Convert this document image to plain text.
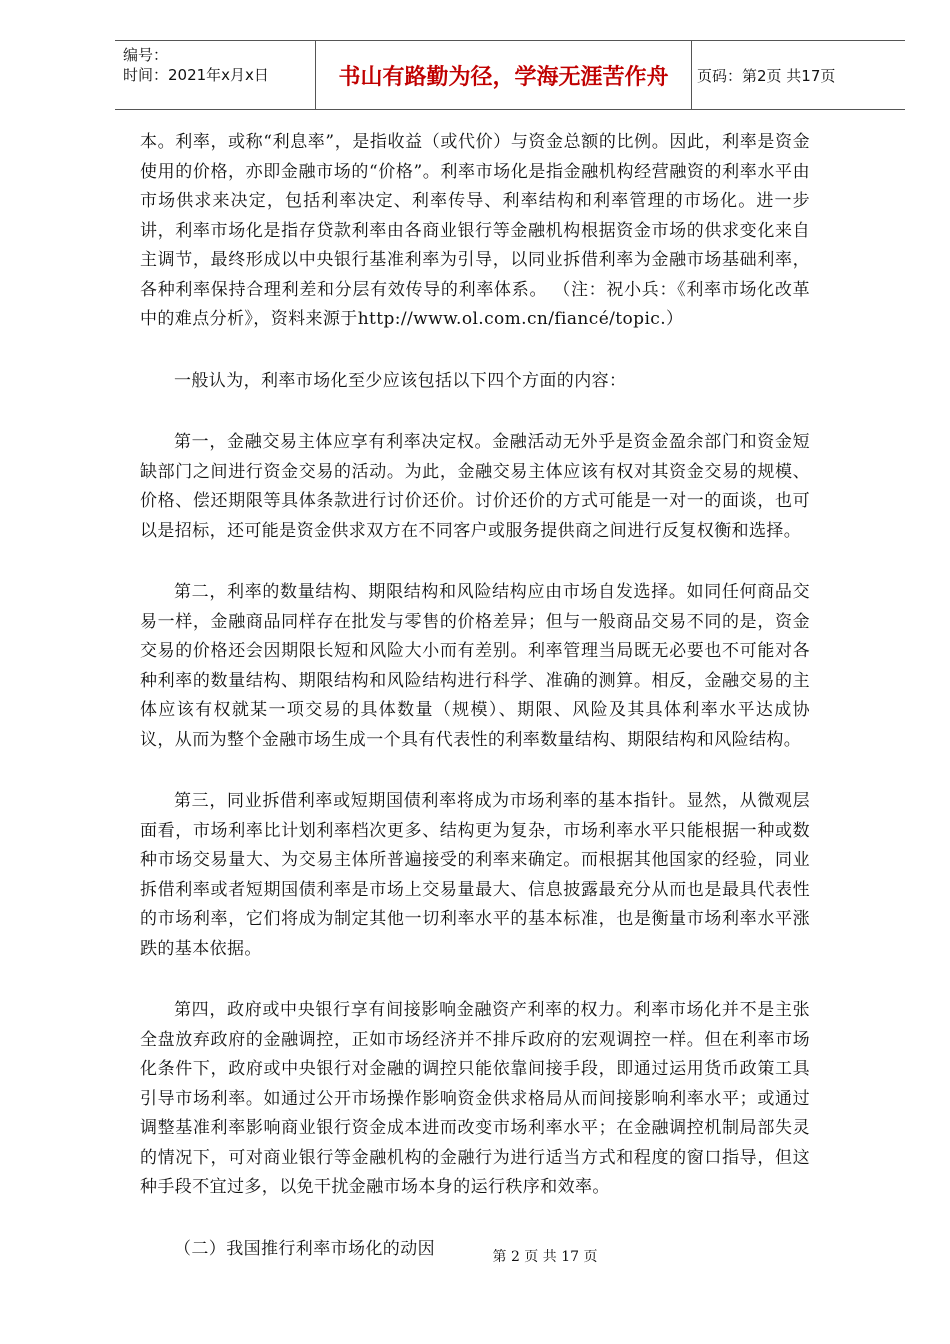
编号：
时间：2021年x月x日	书山有路勤为径，学海无涯苦作舟	页码：第2页 共17页

本。利率，或称“利息率”，是指收益（或代价）与资金总额的比例。因此，利率是资金使用的价格，亦即金融市场的“价格”。利率市场化是指金融机构经营融资的利率水平由市场供求来决定，包括利率决定、利率传导、利率结构和利率管理的市场化。进一步讲，利率市场化是指存贷款利率由各商业银行等金融机构根据资金市场的供求变化来自主调节，最终形成以中央银行基准利率为引导，以同业拆借利率为金融市场基础利率，各种利率保持合理利差和分层有效传导的利率体系。 （注：祝小兵：《利率市场化改革中的难点分析》，资料来源于http://www.ol.com.cn/fiancé/topic.）

一般认为，利率市场化至少应该包括以下四个方面的内容：

第一，金融交易主体应享有利率决定权。金融活动无外乎是资金盈余部门和资金短缺部门之间进行资金交易的活动。为此，金融交易主体应该有权对其资金交易的规模、价格、偿还期限等具体条款进行讨价还价。讨价还价的方式可能是一对一的面谈，也可以是招标，还可能是资金供求双方在不同客户或服务提供商之间进行反复权衡和选择。

第二，利率的数量结构、期限结构和风险结构应由市场自发选择。如同任何商品交易一样，金融商品同样存在批发与零售的价格差异；但与一般商品交易不同的是，资金交易的价格还会因期限长短和风险大小而有差别。利率管理当局既无必要也不可能对各种利率的数量结构、期限结构和风险结构进行科学、准确的测算。相反，金融交易的主体应该有权就某一项交易的具体数量（规模）、期限、风险及其具体利率水平达成协议，从而为整个金融市场生成一个具有代表性的利率数量结构、期限结构和风险结构。

第三，同业拆借利率或短期国债利率将成为市场利率的基本指针。显然，从微观层面看，市场利率比计划利率档次更多、结构更为复杂，市场利率水平只能根据一种或数种市场交易量大、为交易主体所普遍接受的利率来确定。而根据其他国家的经验，同业拆借利率或者短期国债利率是市场上交易量最大、信息披露最充分从而也是最具代表性的市场利率，它们将成为制定其他一切利率水平的基本标准，也是衡量市场利率水平涨跌的基本依据。

第四，政府或中央银行享有间接影响金融资产利率的权力。利率市场化并不是主张全盘放弃政府的金融调控，正如市场经济并不排斥政府的宏观调控一样。但在利率市场化条件下，政府或中央银行对金融的调控只能依靠间接手段，即通过运用货币政策工具引导市场利率。如通过公开市场操作影响资金供求格局从而间接影响利率水平；或通过调整基准利率影响商业银行资金成本进而改变市场利率水平；在金融调控机制局部失灵的情况下，可对商业银行等金融机构的金融行为进行适当方式和程度的窗口指导，但这种手段不宜过多，以免干扰金融市场本身的运行秩序和效率。

（二）我国推行利率市场化的动因	第 2 页 共 17 页
